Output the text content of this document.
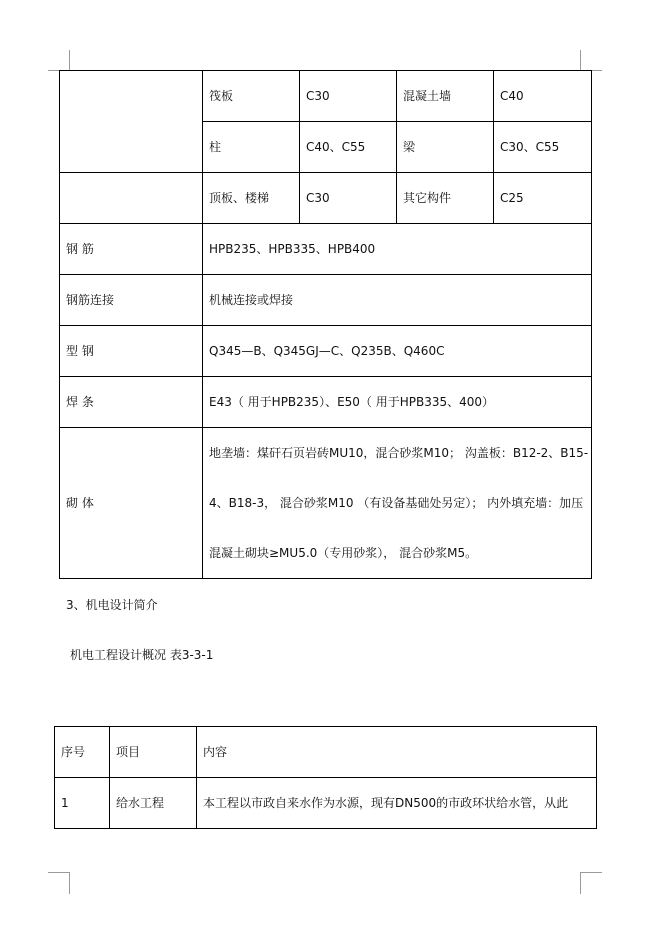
	筏板	C30	混凝土墙	C40
	柱	C40、C55	梁	C30、C55
	顶板、楼梯	C30	其它构件	C25
钢 筋	HPB235、HPB335、HPB400			
钢筋连接	机械连接或焊接			
型 钢	Q345—B、Q345GJ—C、Q235B、Q460C			
焊 条	E43（ 用于HPB235）、E50（ 用于HPB335、400）			
砌 体	地垄墙：煤矸石页岩砖MU10，混合砂浆M10； 沟盖板：B12-2、B15-4、B18-3， 混合砂浆M10 （有设备基础处另定）； 内外填充墙：加压混凝土砌块≥MU5.0（专用砂浆）， 混合砂浆M5。			
3、机电设计简介
机电工程设计概况 表3-3-1
序号	项目	内容
1	给水工程	本工程以市政自来水作为水源，现有DN500的市政环状给水管，从此
